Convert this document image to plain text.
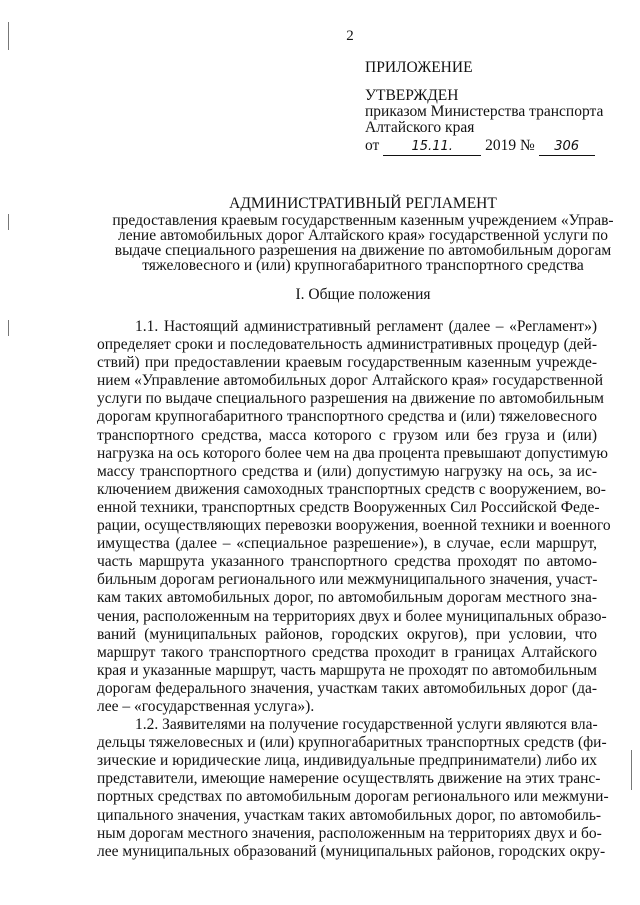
2
ПРИЛОЖЕНИЕ
УТВЕРЖДЕН
приказом Министерства транспорта
Алтайского края
от 15.11. 2019 № 306
АДМИНИСТРАТИВНЫЙ РЕГЛАМЕНТ
предоставления краевым государственным казенным учреждением «Управ-
ление автомобильных дорог Алтайского края» государственной услуги по
выдаче специального разрешения на движение по автомобильным дорогам
тяжеловесного и (или) крупногабаритного транспортного средства
I. Общие положения
1.1. Настоящий административный регламент (далее – «Регламент»)
определяет сроки и последовательность административных процедур (дей-
ствий) при предоставлении краевым государственным казенным учрежде-
нием «Управление автомобильных дорог Алтайского края» государственной
услуги по выдаче специального разрешения на движение по автомобильным
дорогам крупногабаритного транспортного средства и (или) тяжеловесного
транспортного средства, масса которого с грузом или без груза и (или)
нагрузка на ось которого более чем на два процента превышают допустимую
массу транспортного средства и (или) допустимую нагрузку на ось, за ис-
ключением движения самоходных транспортных средств с вооружением, во-
енной техники, транспортных средств Вооруженных Сил Российской Феде-
рации, осуществляющих перевозки вооружения, военной техники и военного
имущества (далее – «специальное разрешение»), в случае, если маршрут,
часть маршрута указанного транспортного средства проходят по автомо-
бильным дорогам регионального или межмуниципального значения, участ-
кам таких автомобильных дорог, по автомобильным дорогам местного зна-
чения, расположенным на территориях двух и более муниципальных образо-
ваний (муниципальных районов, городских округов), при условии, что
маршрут такого транспортного средства проходит в границах Алтайского
края и указанные маршрут, часть маршрута не проходят по автомобильным
дорогам федерального значения, участкам таких автомобильных дорог (да-
лее – «государственная услуга»).
1.2. Заявителями на получение государственной услуги являются вла-
дельцы тяжеловесных и (или) крупногабаритных транспортных средств (фи-
зические и юридические лица, индивидуальные предприниматели) либо их
представители, имеющие намерение осуществлять движение на этих транс-
портных средствах по автомобильным дорогам регионального или межмуни-
ципального значения, участкам таких автомобильных дорог, по автомобиль-
ным дорогам местного значения, расположенным на территориях двух и бо-
лее муниципальных образований (муниципальных районов, городских окру-
